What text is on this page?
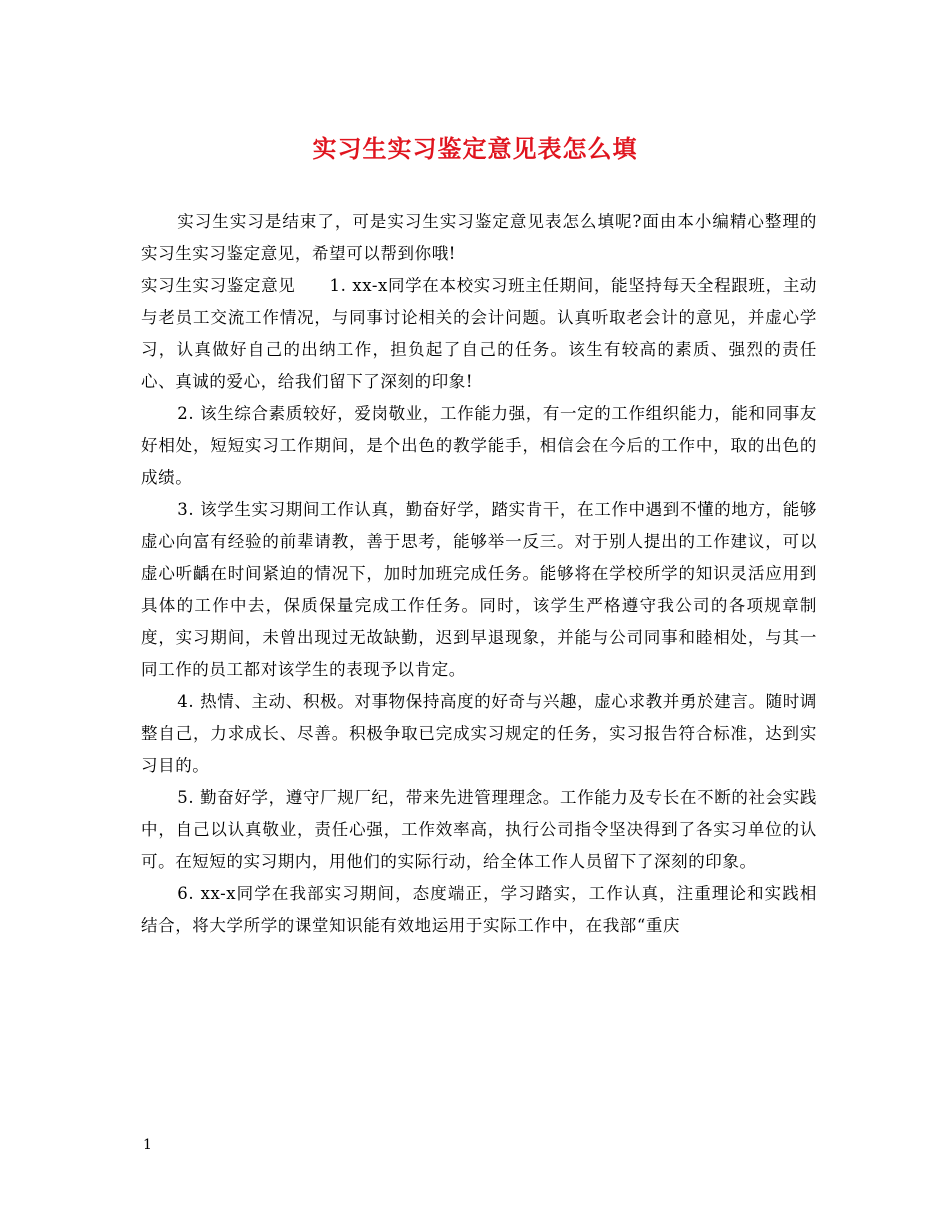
实习生实习鉴定意见表怎么填

实习生实习是结束了，可是实习生实习鉴定意见表怎么填呢?面由本小编精心整理的实习生实习鉴定意见，希望可以帮到你哦!

实习生实习鉴定意见 1. xx-x同学在本校实习班主任期间，能坚持每天全程跟班，主动与老员工交流工作情况，与同事讨论相关的会计问题。认真听取老会计的意见，并虚心学习，认真做好自己的出纳工作，担负起了自己的任务。该生有较高的素质、强烈的责任心、真诚的爱心，给我们留下了深刻的印象!

2. 该生综合素质较好，爱岗敬业，工作能力强，有一定的工作组织能力，能和同事友好相处，短短实习工作期间，是个出色的教学能手，相信会在今后的工作中，取的出色的成绩。

3. 该学生实习期间工作认真，勤奋好学，踏实肯干，在工作中遇到不懂的地方，能够虚心向富有经验的前辈请教，善于思考，能够举一反三。对于别人提出的工作建议，可以虚心听齲在时间紧迫的情况下，加时加班完成任务。能够将在学校所学的知识灵活应用到具体的工作中去，保质保量完成工作任务。同时，该学生严格遵守我公司的各项规章制度，实习期间，未曾出现过无故缺勤，迟到早退现象，并能与公司同事和睦相处，与其一同工作的员工都对该学生的表现予以肯定。

4. 热情、主动、积极。对事物保持高度的好奇与兴趣，虚心求教并勇於建言。随时调整自己，力求成长、尽善。积极争取已完成实习规定的任务，实习报告符合标准，达到实习目的。

5. 勤奋好学，遵守厂规厂纪，带来先进管理理念。工作能力及专长在不断的社会实践中，自己以认真敬业，责任心强，工作效率高，执行公司指令坚决得到了各实习单位的认可。在短短的实习期内，用他们的实际行动，给全体工作人员留下了深刻的印象。

6. xx-x同学在我部实习期间，态度端正，学习踏实，工作认真，注重理论和实践相结合，将大学所学的课堂知识能有效地运用于实际工作中，在我部“重庆

1
